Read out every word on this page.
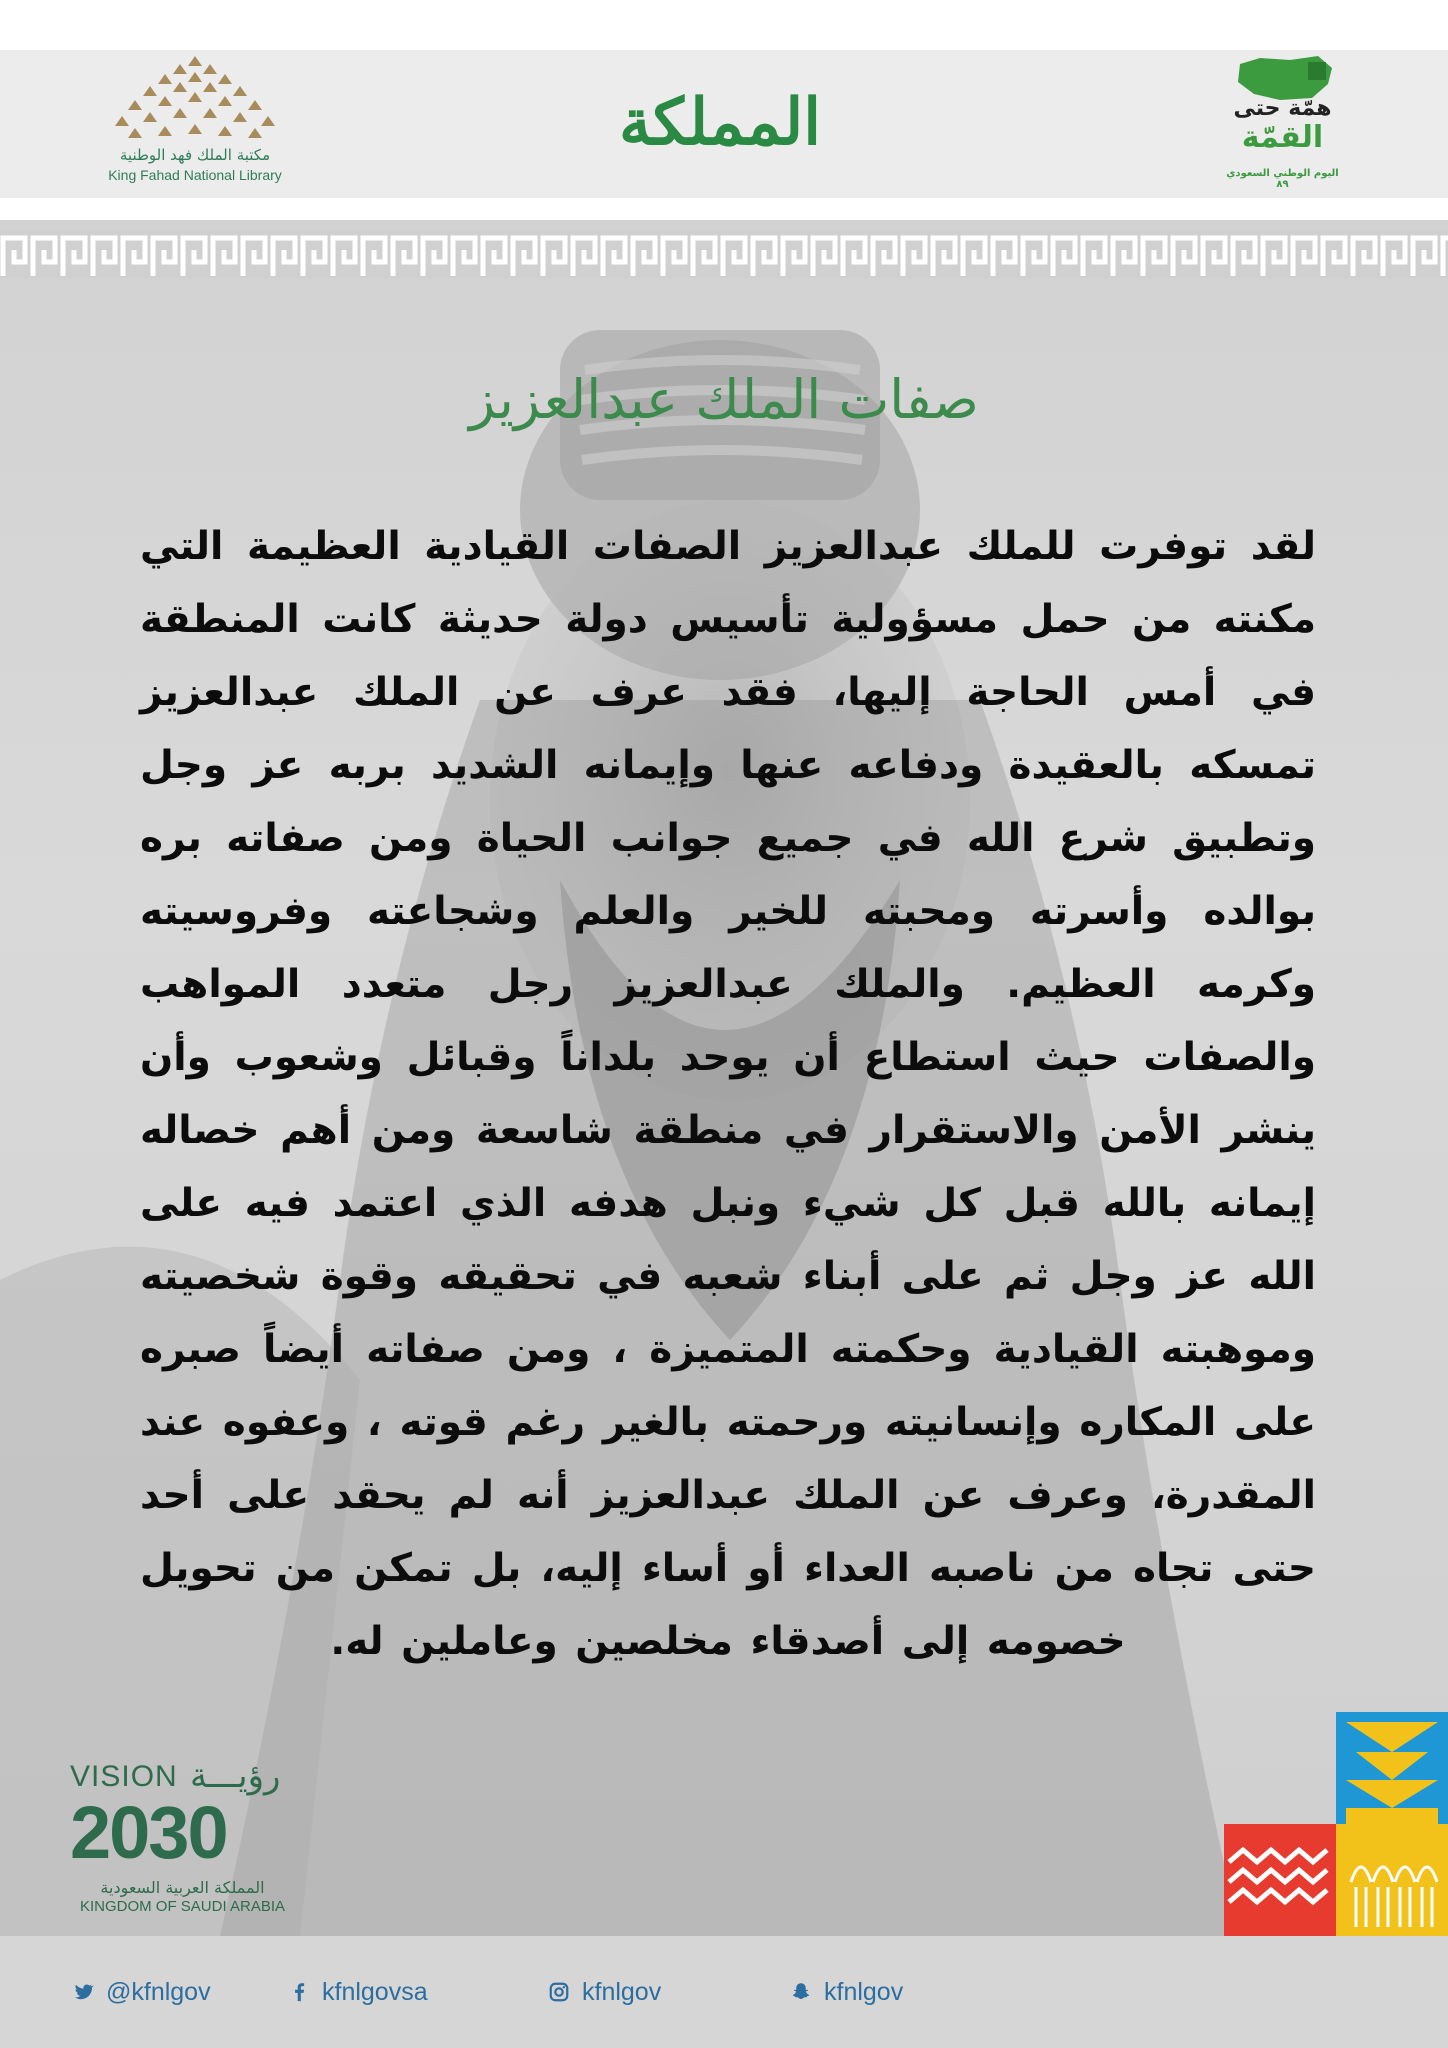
مكتبة الملك فهد الوطنية
King Fahad National Library
المملكة	همّة حتى
القمّة
اليوم الوطني السعودي ٨٩
صفات الملك عبدالعزيز
لقد توفرت للملك عبدالعزيز الصفات القيادية العظيمة التي مكنته من حمل مسؤولية تأسيس دولة حديثة كانت المنطقة في أمس الحاجة إليها، فقد عرف عن الملك عبدالعزيز تمسكه بالعقيدة ودفاعه عنها وإيمانه الشديد بربه عز وجل وتطبيق شرع الله في جميع جوانب الحياة ومن صفاته بره بوالده وأسرته ومحبته للخير والعلم وشجاعته وفروسيته وكرمه العظيم. والملك عبدالعزيز رجل متعدد المواهب والصفات حيث استطاع أن يوحد بلداناً وقبائل وشعوب وأن ينشر الأمن والاستقرار في منطقة شاسعة ومن أهم خصاله إيمانه بالله قبل كل شيء ونبل هدفه الذي اعتمد فيه على الله عز وجل ثم على أبناء شعبه في تحقيقه وقوة شخصيته وموهبته القيادية وحكمته المتميزة ، ومن صفاته أيضاً صبره على المكاره وإنسانيته ورحمته بالغير رغم قوته ، وعفوه عند المقدرة، وعرف عن الملك عبدالعزيز أنه لم يحقد على أحد حتى تجاه من ناصبه العداء أو أساء إليه، بل تمكن من تحويل خصومه إلى أصدقاء مخلصين وعاملين له.
VISION رؤيـــة
2030
المملكة العربية السعودية
KINGDOM OF SAUDI ARABIA
@kfnlgov	kfnlgovsa	kfnlgov	kfnlgov
